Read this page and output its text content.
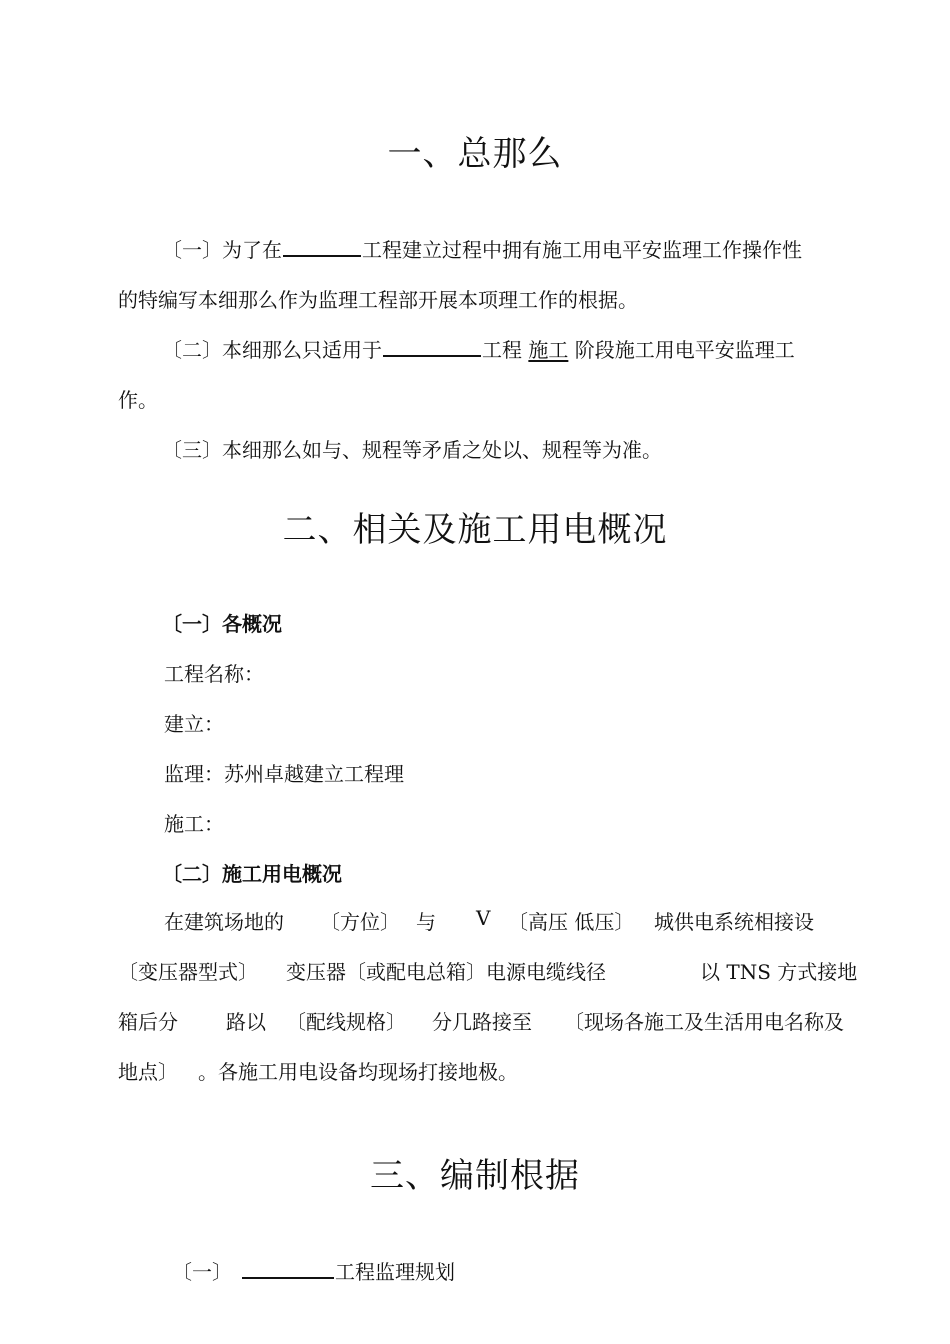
一、总那么
〔一〕为了在	工程建立过程中拥有施工用电平安监理工作操作性
的特编写本细那么作为监理工程部开展本项理工作的根据。
〔二〕本细那么只适用于	工程 施工 阶段施工用电平安监理工
作。
〔三〕本细那么如与、规程等矛盾之处以、规程等为准。
二、相关及施工用电概况
〔一〕各概况
工程名称：
建立：
监理：苏州卓越建立工程理
施工：
〔二〕施工用电概况
在建筑场地的 〔方位〕 与 V 〔高压 低压〕 城供电系统相接设
〔变压器型式〕 变压器〔或配电总箱〕电源电缆线径	以 TNS 方式接地
箱后分 路以 〔配线规格〕 分几路接至 〔现场各施工及生活用电名称及
地点〕 。各施工用电设备均现场打接地极。
三、编制根据
〔一〕	工程监理规划
